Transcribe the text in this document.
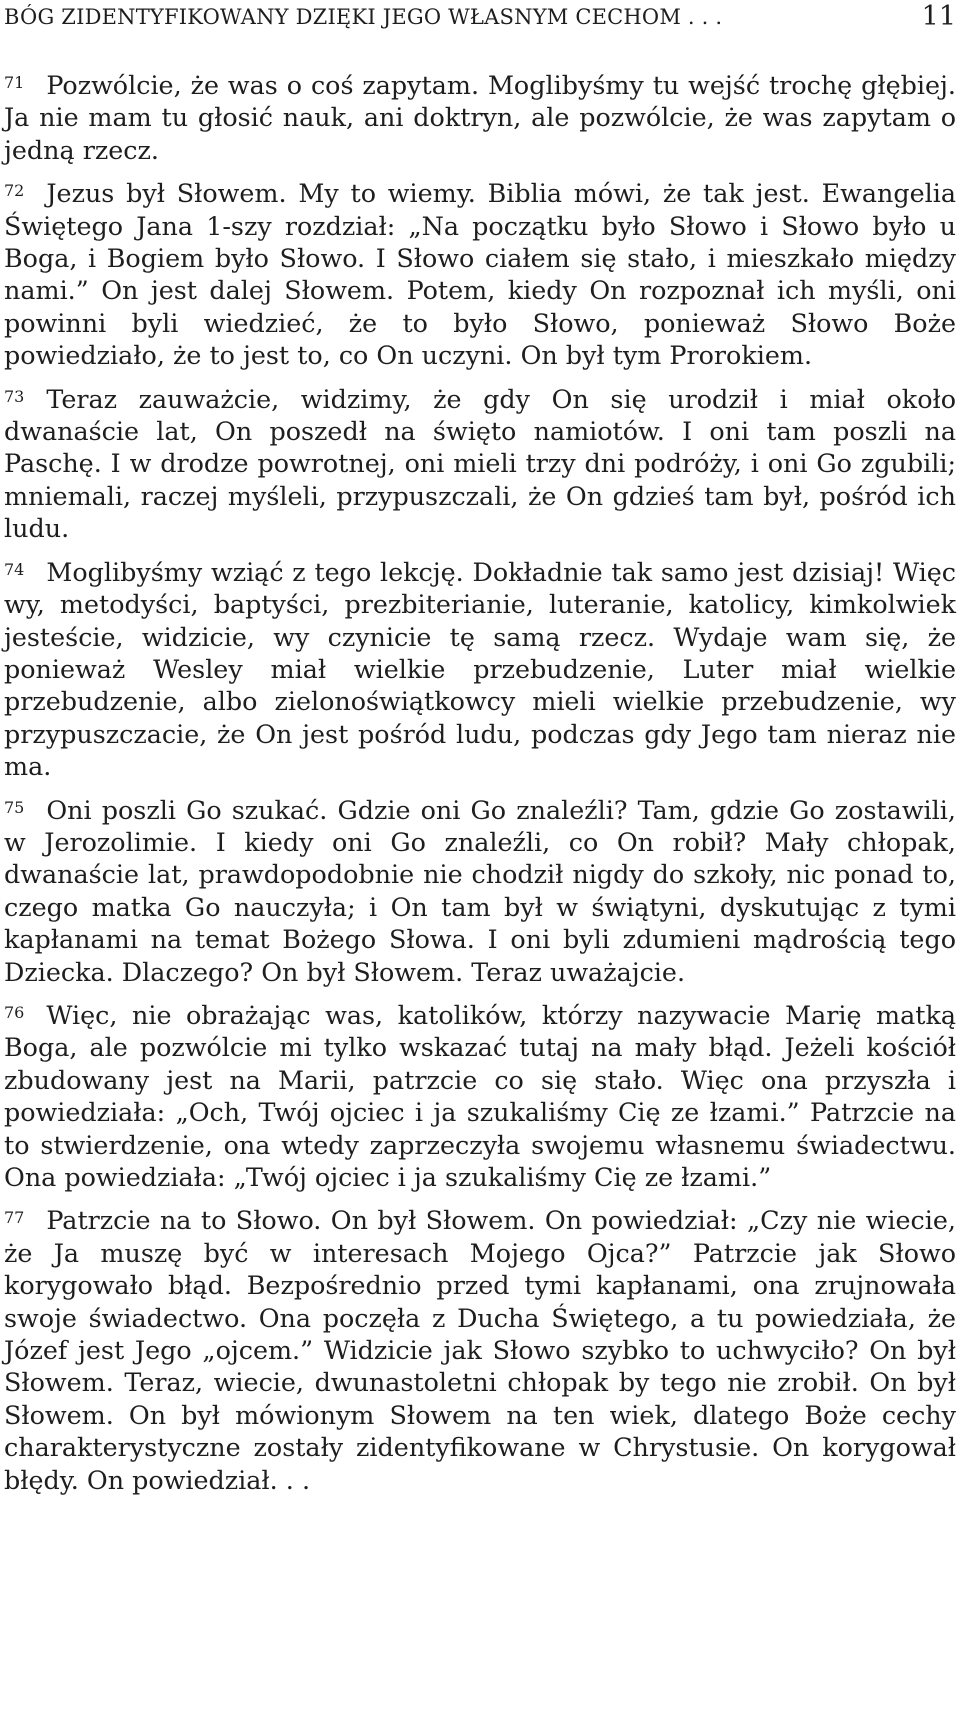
BÓG ZIDENTYFIKOWANY DZIĘKI JEGO WŁASNYM CECHOM . . .	11

$^{71}$ Pozwólcie, że was o coś zapytam. Moglibyśmy tu wejść trochę głębiej. Ja nie mam tu głosić nauk, ani doktryn, ale pozwólcie, że was zapytam o jedną rzecz.

$^{72}$ Jezus był Słowem. My to wiemy. Biblia mówi, że tak jest. Ewangelia Świętego Jana 1-szy rozdział: „Na początku było Słowo i Słowo było u Boga, i Bogiem było Słowo. I Słowo ciałem się stało, i mieszkało między nami.” On jest dalej Słowem. Potem, kiedy On rozpoznał ich myśli, oni powinni byli wiedzieć, że to było Słowo, ponieważ Słowo Boże powiedziało, że to jest to, co On uczyni. On był tym Prorokiem.

$^{73}$ Teraz zauważcie, widzimy, że gdy On się urodził i miał około dwanaście lat, On poszedł na święto namiotów. I oni tam poszli na Paschę. I w drodze powrotnej, oni mieli trzy dni podróży, i oni Go zgubili; mniemali, raczej myśleli, przypuszczali, że On gdzieś tam był, pośród ich ludu.

$^{74}$ Moglibyśmy wziąć z tego lekcję. Dokładnie tak samo jest dzisiaj! Więc wy, metodyści, baptyści, prezbiterianie, luteranie, katolicy, kimkolwiek jesteście, widzicie, wy czynicie tę samą rzecz. Wydaje wam się, że ponieważ Wesley miał wielkie przebudzenie, Luter miał wielkie przebudzenie, albo zielonoświątkowcy mieli wielkie przebudzenie, wy przypuszczacie, że On jest pośród ludu, podczas gdy Jego tam nieraz nie ma.

$^{75}$ Oni poszli Go szukać. Gdzie oni Go znaleźli? Tam, gdzie Go zostawili, w Jerozolimie. I kiedy oni Go znaleźli, co On robił? Mały chłopak, dwanaście lat, prawdopodobnie nie chodził nigdy do szkoły, nic ponad to, czego matka Go nauczyła; i On tam był w świątyni, dyskutując z tymi kapłanami na temat Bożego Słowa. I oni byli zdumieni mądrością tego Dziecka. Dlaczego? On był Słowem. Teraz uważajcie.

$^{76}$ Więc, nie obrażając was, katolików, którzy nazywacie Marię matką Boga, ale pozwólcie mi tylko wskazać tutaj na mały błąd. Jeżeli kościół zbudowany jest na Marii, patrzcie co się stało. Więc ona przyszła i powiedziała: „Och, Twój ojciec i ja szukaliśmy Cię ze łzami.” Patrzcie na to stwierdzenie, ona wtedy zaprzeczyła swojemu własnemu świadectwu. Ona powiedziała: „Twój ojciec i ja szukaliśmy Cię ze łzami.”

$^{77}$ Patrzcie na to Słowo. On był Słowem. On powiedział: „Czy nie wiecie, że Ja muszę być w interesach Mojego Ojca?” Patrzcie jak Słowo korygowało błąd. Bezpośrednio przed tymi kapłanami, ona zrujnowała swoje świadectwo. Ona poczęła z Ducha Świętego, a tu powiedziała, że Józef jest Jego „ojcem.” Widzicie jak Słowo szybko to uchwyciło? On był Słowem. Teraz, wiecie, dwunastoletni chłopak by tego nie zrobił. On był Słowem. On był mówionym Słowem na ten wiek, dlatego Boże cechy charakterystyczne zostały zidentyfikowane w Chrystusie. On korygował błędy. On powiedział. . .
